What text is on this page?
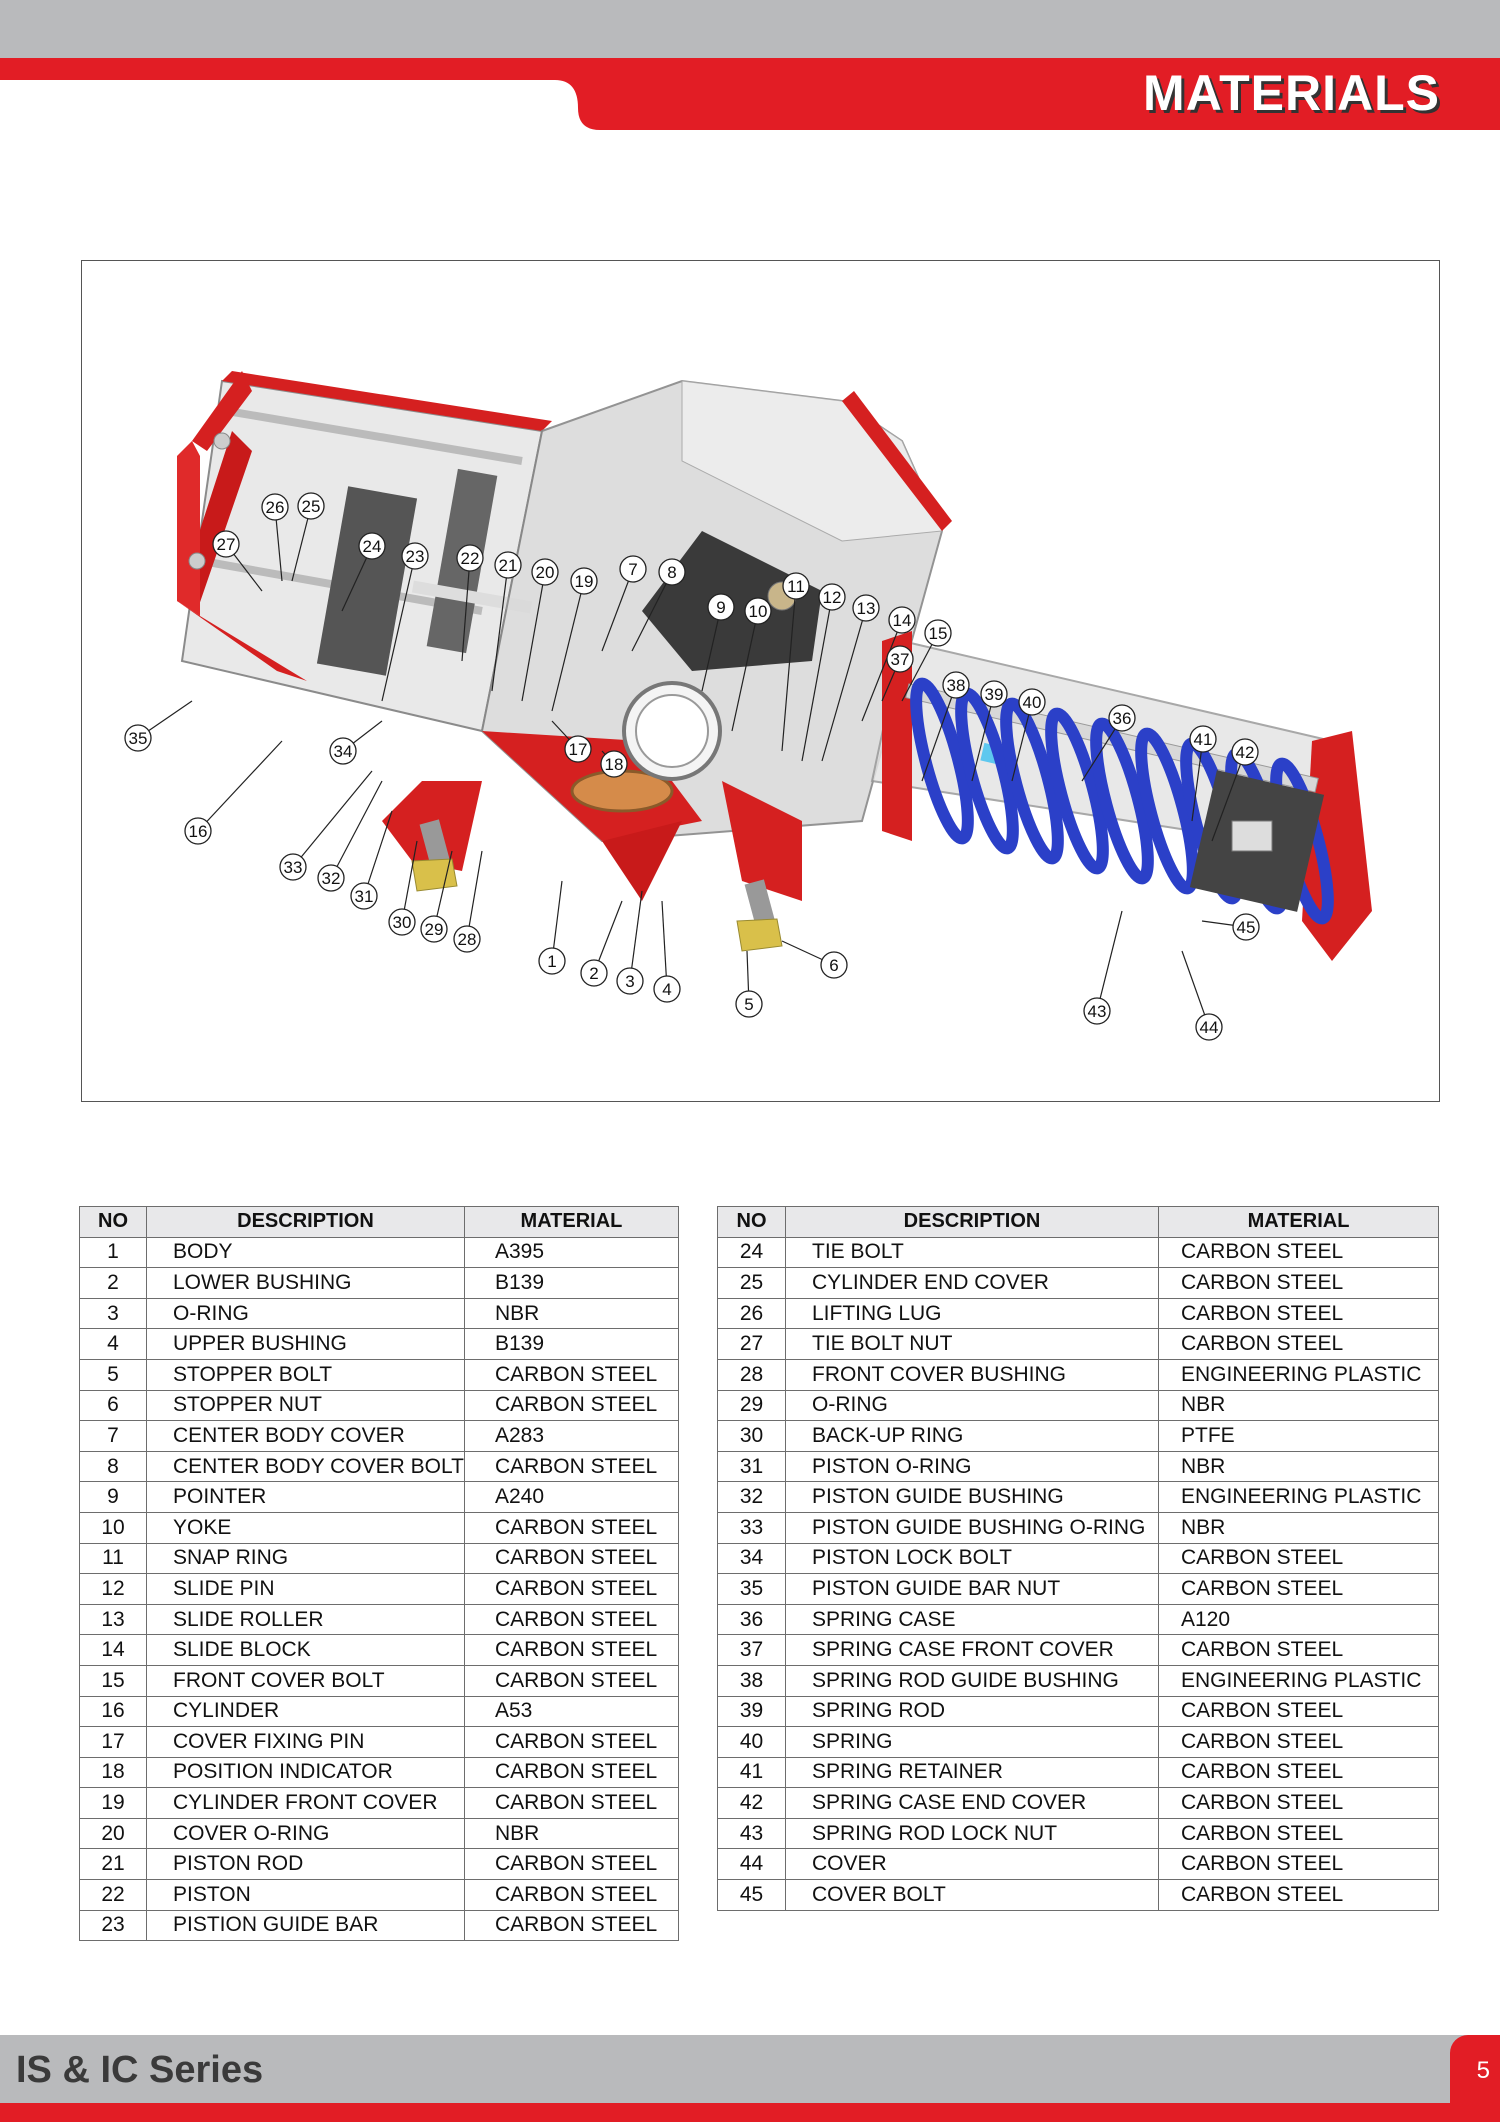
MATERIALS
1
2 3 4
5
6
7 8
9 10
11
12
13
14
15
16
17
18
19
20
21
22
23
24
25
26
27
28
29
30
31
32
33
34
35
36
37
38 39 40
41
42
43
44
45
NO	DESCRIPTION	MATERIAL
1	BODY	A395
2	LOWER BUSHING	B139
3	O-RING	NBR
4	UPPER BUSHING	B139
5	STOPPER BOLT	CARBON STEEL
6	STOPPER NUT	CARBON STEEL
7	CENTER BODY COVER	A283
8	CENTER BODY COVER BOLT	CARBON STEEL
9	POINTER	A240
10	YOKE	CARBON STEEL
11	SNAP RING	CARBON STEEL
12	SLIDE PIN	CARBON STEEL
13	SLIDE ROLLER	CARBON STEEL
14	SLIDE BLOCK	CARBON STEEL
15	FRONT COVER BOLT	CARBON STEEL
16	CYLINDER	A53
17	COVER FIXING PIN	CARBON STEEL
18	POSITION INDICATOR	CARBON STEEL
19	CYLINDER FRONT COVER	CARBON STEEL
20	COVER O-RING	NBR
21	PISTON ROD	CARBON STEEL
22	PISTON	CARBON STEEL
23	PISTION GUIDE BAR	CARBON STEEL
NO	DESCRIPTION	MATERIAL
24	TIE BOLT	CARBON STEEL
25	CYLINDER END COVER	CARBON STEEL
26	LIFTING LUG	CARBON STEEL
27	TIE BOLT NUT	CARBON STEEL
28	FRONT COVER BUSHING	ENGINEERING PLASTIC
29	O-RING	NBR
30	BACK-UP RING	PTFE
31	PISTON O-RING	NBR
32	PISTON GUIDE BUSHING	ENGINEERING PLASTIC
33	PISTON GUIDE BUSHING O-RING	NBR
34	PISTON LOCK BOLT	CARBON STEEL
35	PISTON GUIDE BAR NUT	CARBON STEEL
36	SPRING CASE	A120
37	SPRING CASE FRONT COVER	CARBON STEEL
38	SPRING ROD GUIDE BUSHING	ENGINEERING PLASTIC
39	SPRING ROD	CARBON STEEL
40	SPRING	CARBON STEEL
41	SPRING RETAINER	CARBON STEEL
42	SPRING CASE END COVER	CARBON STEEL
43	SPRING ROD LOCK NUT	CARBON STEEL
44	COVER	CARBON STEEL
45	COVER BOLT	CARBON STEEL
IS & IC Series	5
